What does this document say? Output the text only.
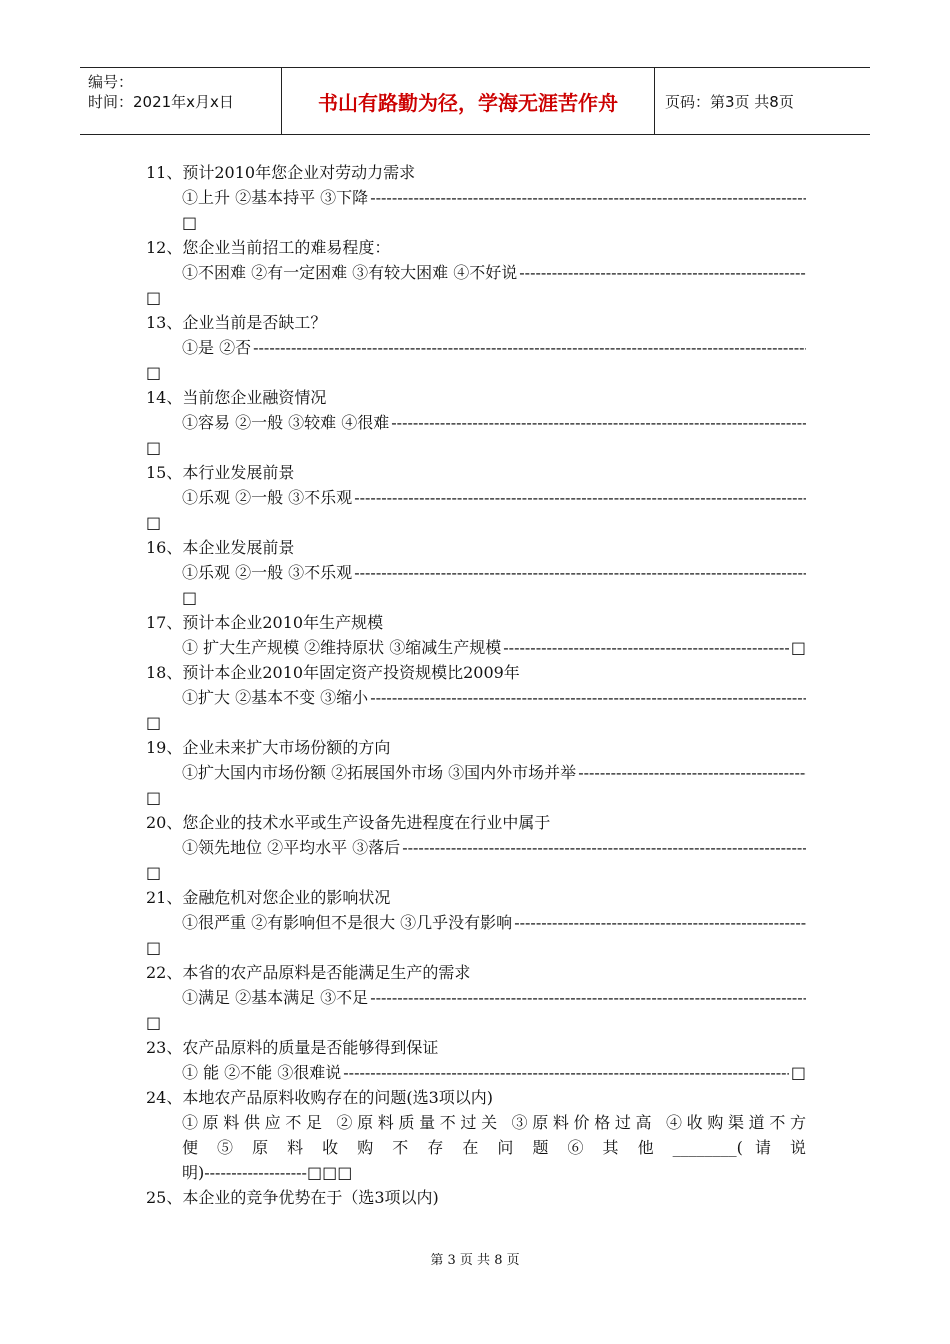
编号：
时间：2021年x月x日	书山有路勤为径，学海无涯苦作舟	页码：第3页 共8页
11、预计2010年您企业对劳动力需求
①上升 ②基本持平 ③下降
-----
□
12、您企业当前招工的难易程度：
①不困难 ②有一定困难 ③有较大困难 ④不好说
-----
□
13、企业当前是否缺工？
①是 ②否
-----
□
14、当前您企业融资情况
①容易 ②一般 ③较难 ④很难
-----
□
15、本行业发展前景
①乐观 ②一般 ③不乐观
-----
□
16、本企业发展前景
①乐观 ②一般 ③不乐观
-----
□
17、预计本企业2010年生产规模
① 扩大生产规模 ②维持原状 ③缩减生产规模 -----	□
18、预计本企业2010年固定资产投资规模比2009年
①扩大 ②基本不变 ③缩小
-----
□
19、企业未来扩大市场份额的方向
①扩大国内市场份额 ②拓展国外市场 ③国内外市场并举
-----
□
20、您企业的技术水平或生产设备先进程度在行业中属于
①领先地位 ②平均水平 ③落后
-----
□
21、金融危机对您企业的影响状况
①很严重 ②有影响但不是很大 ③几乎没有影响
-----
□
22、本省的农产品原料是否能满足生产的需求
①满足 ②基本满足 ③不足
-----
□
23、农产品原料的质量是否能够得到保证
① 能 ②不能 ③很难说 -----	□
24、本地农产品原料收购存在的问题(选3项以内)
①原料供应不足 ②原料质量不过关 ③原料价格过高 ④收购渠道不方
便 ⑤ 原 料 收 购 不 存 在 问 题 ⑥ 其 他 ________( 请 说
明)-------------------□□□
25、本企业的竞争优势在于（选3项以内)
第 3 页 共 8 页
